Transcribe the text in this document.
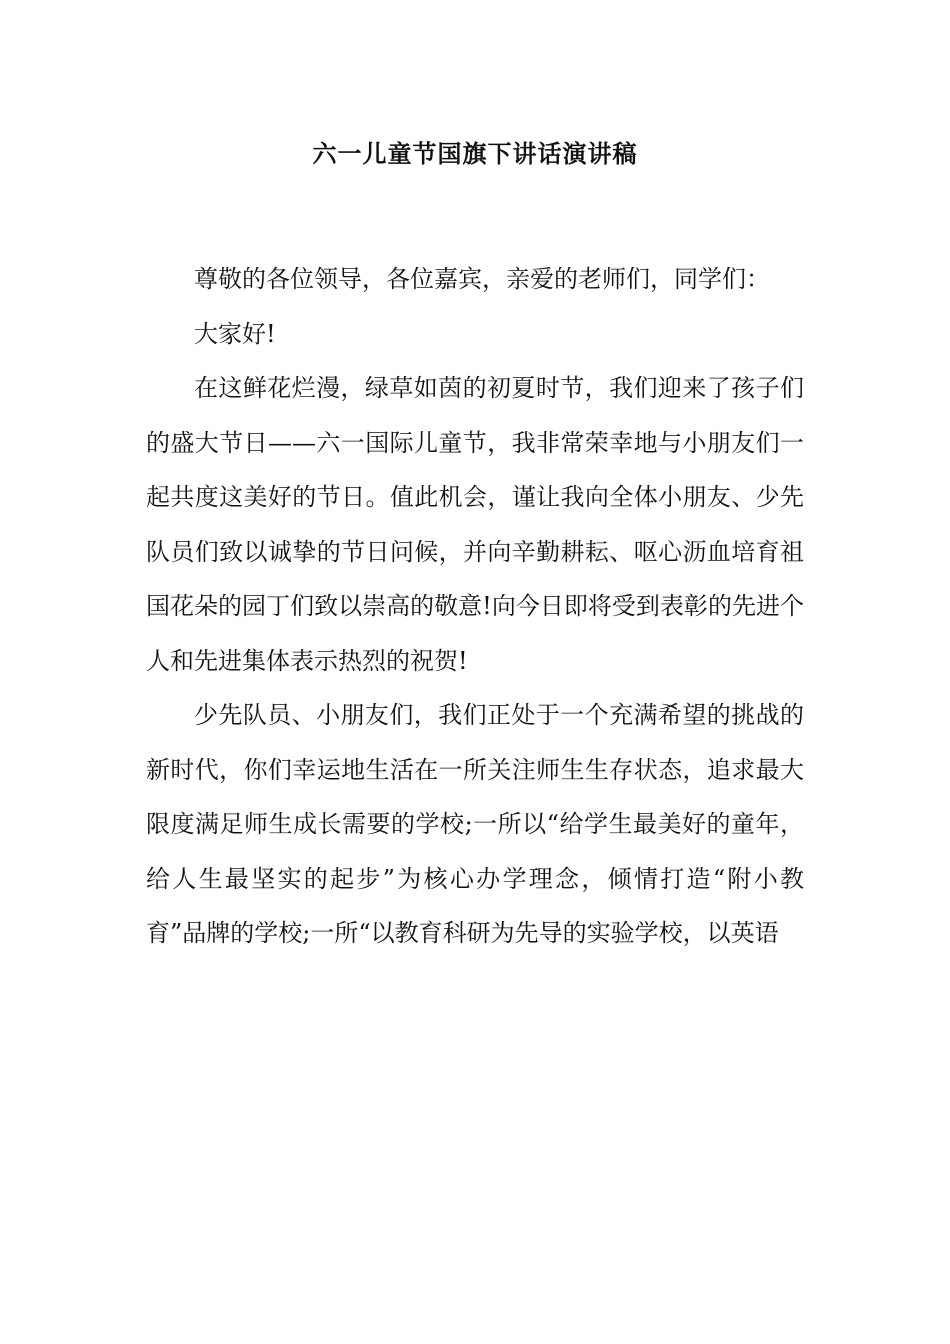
六一儿童节国旗下讲话演讲稿

尊敬的各位领导，各位嘉宾，亲爱的老师们，同学们：

大家好!

在这鲜花烂漫，绿草如茵的初夏时节，我们迎来了孩子们的盛大节日——六一国际儿童节，我非常荣幸地与小朋友们一起共度这美好的节日。值此机会，谨让我向全体小朋友、少先队员们致以诚挚的节日问候，并向辛勤耕耘、呕心沥血培育祖国花朵的园丁们致以崇高的敬意!向今日即将受到表彰的先进个人和先进集体表示热烈的祝贺!

少先队员、小朋友们，我们正处于一个充满希望的挑战的新时代，你们幸运地生活在一所关注师生生存状态，追求最大限度满足师生成长需要的学校;一所以“给学生最美好的童年，给人生最坚实的起步”为核心办学理念，倾情打造“附小教育”品牌的学校;一所“以教育科研为先导的实验学校，以英语
